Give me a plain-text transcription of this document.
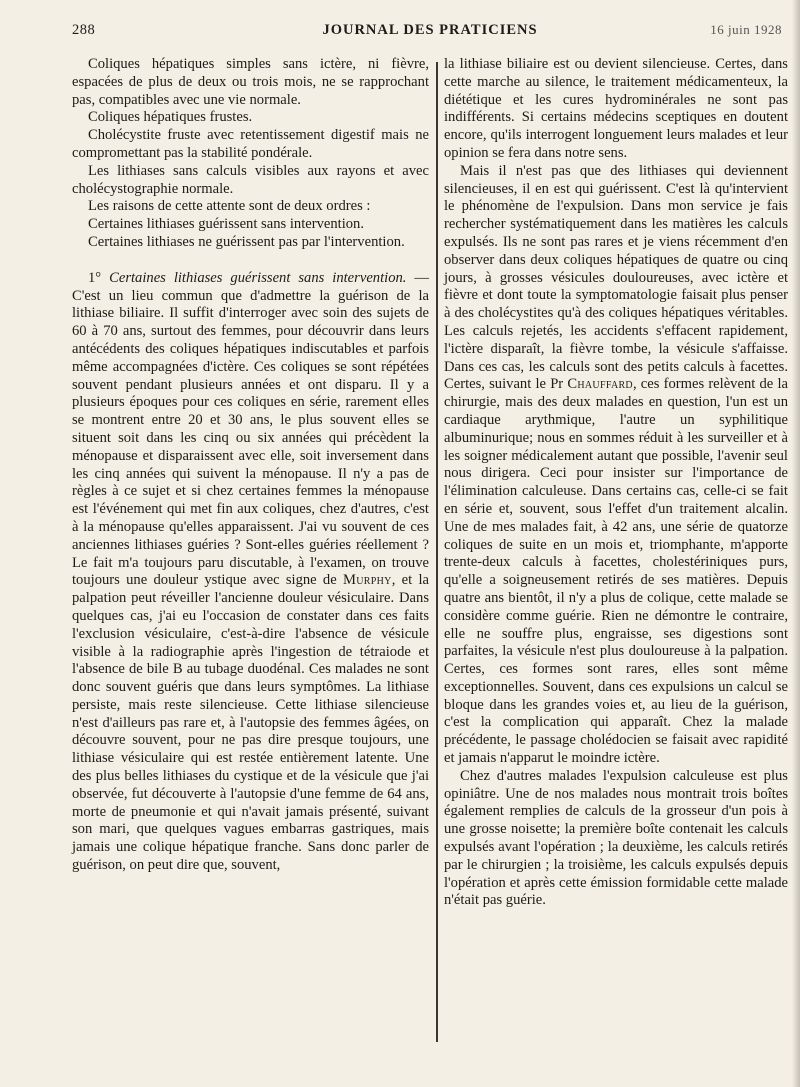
288	JOURNAL DES PRATICIENS	16 juin 1928

Coliques hépatiques simples sans ictère, ni fièvre, espacées de plus de deux ou trois mois, ne se rapprochant pas, compatibles avec une vie normale.

Coliques hépatiques frustes.

Cholécystite fruste avec retentissement digestif mais ne compromettant pas la stabilité pondérale.

Les lithiases sans calculs visibles aux rayons et avec cholécystographie normale.

Les raisons de cette attente sont de deux ordres :

Certaines lithiases guérissent sans intervention.

Certaines lithiases ne guérissent pas par l'intervention.

1° Certaines lithiases guérissent sans intervention. — C'est un lieu commun que d'admettre la guérison de la lithiase biliaire. Il suffit d'interroger avec soin des sujets de 60 à 70 ans, surtout des femmes, pour découvrir dans leurs antécédents des coliques hépatiques indiscutables et parfois même accompagnées d'ictère. Ces coliques se sont répétées souvent pendant plusieurs années et ont disparu. Il y a plusieurs époques pour ces coliques en série, rarement elles se montrent entre 20 et 30 ans, le plus souvent elles se situent soit dans les cinq ou six années qui précèdent la ménopause et disparaissent avec elle, soit inversement dans les cinq années qui suivent la ménopause. Il n'y a pas de règles à ce sujet et si chez certaines femmes la ménopause est l'événement qui met fin aux coliques, chez d'autres, c'est à la ménopause qu'elles apparaissent. J'ai vu souvent de ces anciennes lithiases guéries ? Sont-elles guéries réellement ? Le fait m'a toujours paru discutable, à l'examen, on trouve toujours une douleur ystique avec signe de Murphy, et la palpation peut réveiller l'ancienne douleur vésiculaire. Dans quelques cas, j'ai eu l'occasion de constater dans ces faits l'exclusion vésiculaire, c'est-à-dire l'absence de vésicule visible à la radiographie après l'ingestion de tétraiode et l'absence de bile B au tubage duodénal. Ces malades ne sont donc souvent guéris que dans leurs symptômes. La lithiase persiste, mais reste silencieuse. Cette lithiase silencieuse n'est d'ailleurs pas rare et, à l'autopsie des femmes âgées, on découvre souvent, pour ne pas dire presque toujours, une lithiase vésiculaire qui est restée entièrement latente. Une des plus belles lithiases du cystique et de la vésicule que j'ai observée, fut découverte à l'autopsie d'une femme de 64 ans, morte de pneumonie et qui n'avait jamais présenté, suivant son mari, que quelques vagues embarras gastriques, mais jamais une colique hépatique franche. Sans donc parler de guérison, on peut dire que, souvent,

la lithiase biliaire est ou devient silencieuse. Certes, dans cette marche au silence, le traitement médicamenteux, la diététique et les cures hydrominérales ne sont pas indifférents. Si certains médecins sceptiques en doutent encore, qu'ils interrogent longuement leurs malades et leur opinion se fera dans notre sens.

Mais il n'est pas que des lithiases qui deviennent silencieuses, il en est qui guérissent. C'est là qu'intervient le phénomène de l'expulsion. Dans mon service je fais rechercher systématiquement dans les matières les calculs expulsés. Ils ne sont pas rares et je viens récemment d'en observer dans deux coliques hépatiques de quatre ou cinq jours, à grosses vésicules douloureuses, avec ictère et fièvre et dont toute la symptomatologie faisait plus penser à des cholécystites qu'à des coliques hépatiques véritables. Les calculs rejetés, les accidents s'effacent rapidement, l'ictère disparaît, la fièvre tombe, la vésicule s'affaisse. Dans ces cas, les calculs sont des petits calculs à facettes. Certes, suivant le Pr Chauffard, ces formes relèvent de la chirurgie, mais des deux malades en question, l'un est un cardiaque arythmique, l'autre un syphilitique albuminurique; nous en sommes réduit à les surveiller et à les soigner médicalement autant que possible, l'avenir seul nous dirigera. Ceci pour insister sur l'importance de l'élimination calculeuse. Dans certains cas, celle-ci se fait en série et, souvent, sous l'effet d'un traitement alcalin. Une de mes malades fait, à 42 ans, une série de quatorze coliques de suite en un mois et, triomphante, m'apporte trente-deux calculs à facettes, cholestériniques purs, qu'elle a soigneusement retirés de ses matières. Depuis quatre ans bientôt, il n'y a plus de colique, cette malade se considère comme guérie. Rien ne démontre le contraire, elle ne souffre plus, engraisse, ses digestions sont parfaites, la vésicule n'est plus douloureuse à la palpation. Certes, ces formes sont rares, elles sont même exceptionnelles. Souvent, dans ces expulsions un calcul se bloque dans les grandes voies et, au lieu de la guérison, c'est la complication qui apparaît. Chez la malade précédente, le passage cholédocien se faisait avec rapidité et jamais n'apparut le moindre ictère.

Chez d'autres malades l'expulsion calculeuse est plus opiniâtre. Une de nos malades nous montrait trois boîtes également remplies de calculs de la grosseur d'un pois à une grosse noisette; la première boîte contenait les calculs expulsés avant l'opération ; la deuxième, les calculs retirés par le chirurgien ; la troisième, les calculs expulsés depuis l'opération et après cette émission formidable cette malade n'était pas guérie.
